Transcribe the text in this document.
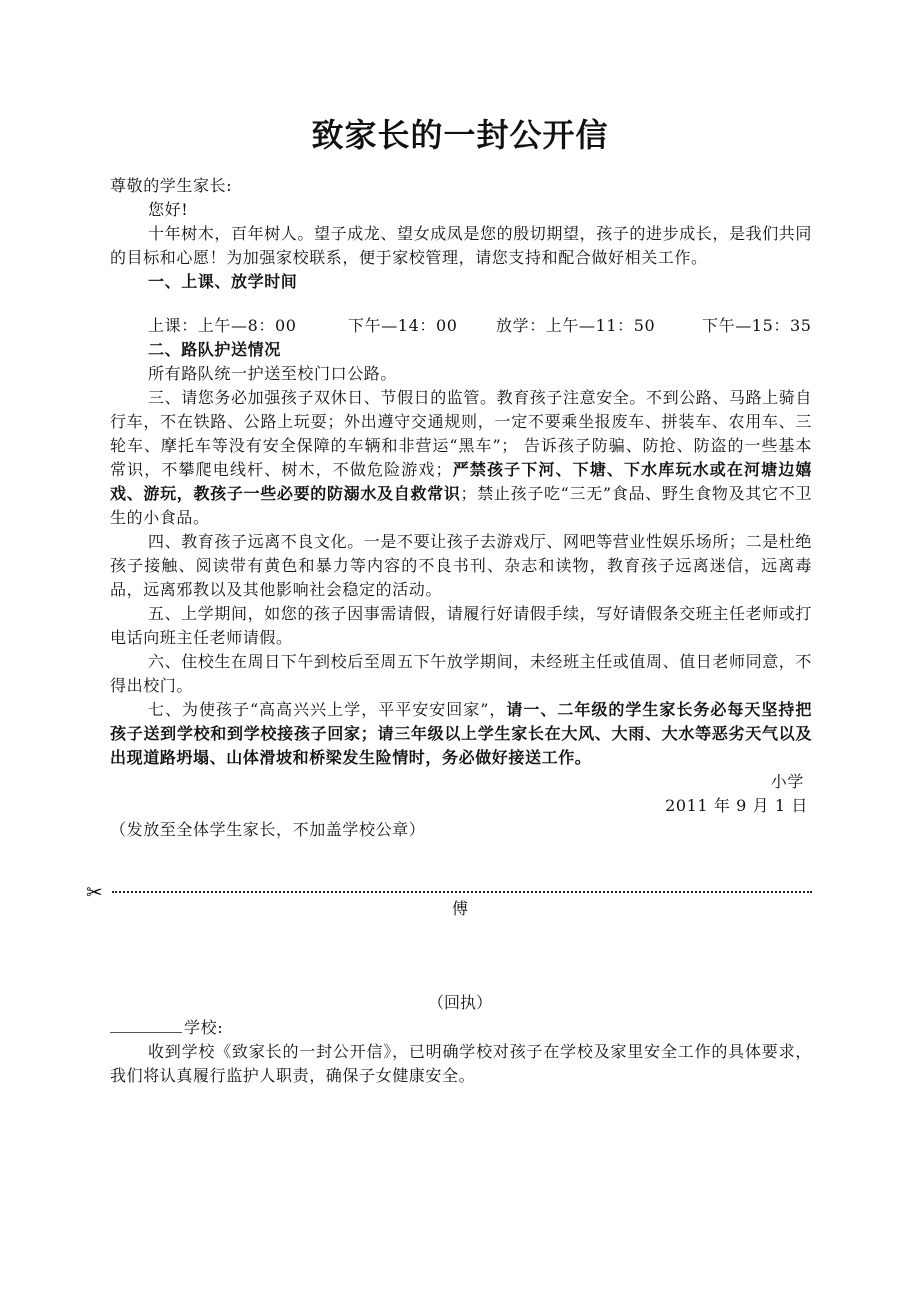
致家长的一封公开信

尊敬的学生家长:

您好!

十年树木，百年树人。望子成龙、望女成凤是您的殷切期望，孩子的进步成长，是我们共同的目标和心愿！为加强家校联系，便于家校管理，请您支持和配合做好相关工作。

一、上课、放学时间

上课：上午—8：00	下午—14：00	放学：上午—11：50	下午—15：35

二、路队护送情况

所有路队统一护送至校门口公路。

三、请您务必加强孩子双休日、节假日的监管。教育孩子注意安全。不到公路、马路上骑自行车，不在铁路、公路上玩耍；外出遵守交通规则，一定不要乘坐报废车、拼装车、农用车、三轮车、摩托车等没有安全保障的车辆和非营运“黑车”； 告诉孩子防骗、防抢、防盗的一些基本常识，不攀爬电线杆、树木，不做危险游戏；严禁孩子下河、下塘、下水库玩水或在河塘边嬉戏、游玩，教孩子一些必要的防溺水及自救常识；禁止孩子吃“三无”食品、野生食物及其它不卫生的小食品。

四、教育孩子远离不良文化。一是不要让孩子去游戏厅、网吧等营业性娱乐场所；二是杜绝孩子接触、阅读带有黄色和暴力等内容的不良书刊、杂志和读物，教育孩子远离迷信，远离毒品，远离邪教以及其他影响社会稳定的活动。

五、上学期间，如您的孩子因事需请假，请履行好请假手续，写好请假条交班主任老师或打电话向班主任老师请假。

六、住校生在周日下午到校后至周五下午放学期间，未经班主任或值周、值日老师同意，不得出校门。

七、为使孩子“高高兴兴上学，平平安安回家”，请一、二年级的学生家长务必每天坚持把孩子送到学校和到学校接孩子回家；请三年级以上学生家长在大风、大雨、大水等恶劣天气以及出现道路坍塌、山体滑坡和桥梁发生险情时，务必做好接送工作。

小学

2011 年 9 月 1 日

（发放至全体学生家长，不加盖学校公章）

✂
傅
（回执）

学校:

收到学校《致家长的一封公开信》，已明确学校对孩子在学校及家里安全工作的具体要求，我们将认真履行监护人职责，确保子女健康安全。
